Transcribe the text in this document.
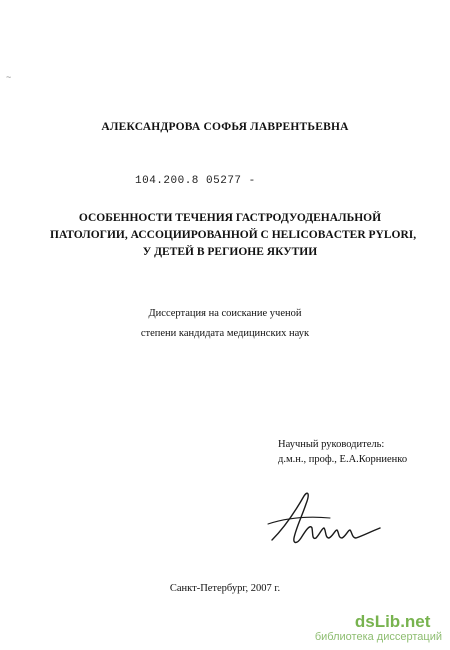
~
АЛЕКСАНДРОВА СОФЬЯ ЛАВРЕНТЬЕВНА
104.200.8 05277 -
ОСОБЕННОСТИ ТЕЧЕНИЯ ГАСТРОДУОДЕНАЛЬНОЙ
ПАТОЛОГИИ, АССОЦИИРОВАННОЙ С HELICOBACTER PYLORI,
У ДЕТЕЙ В РЕГИОНЕ ЯКУТИИ
Диссертация на соискание ученой
степени кандидата медицинских наук
Научный руководитель:
д.м.н., проф., Е.А.Корниенко
Санкт-Петербург, 2007 г.
dsLib.net
библиотека диссертаций
